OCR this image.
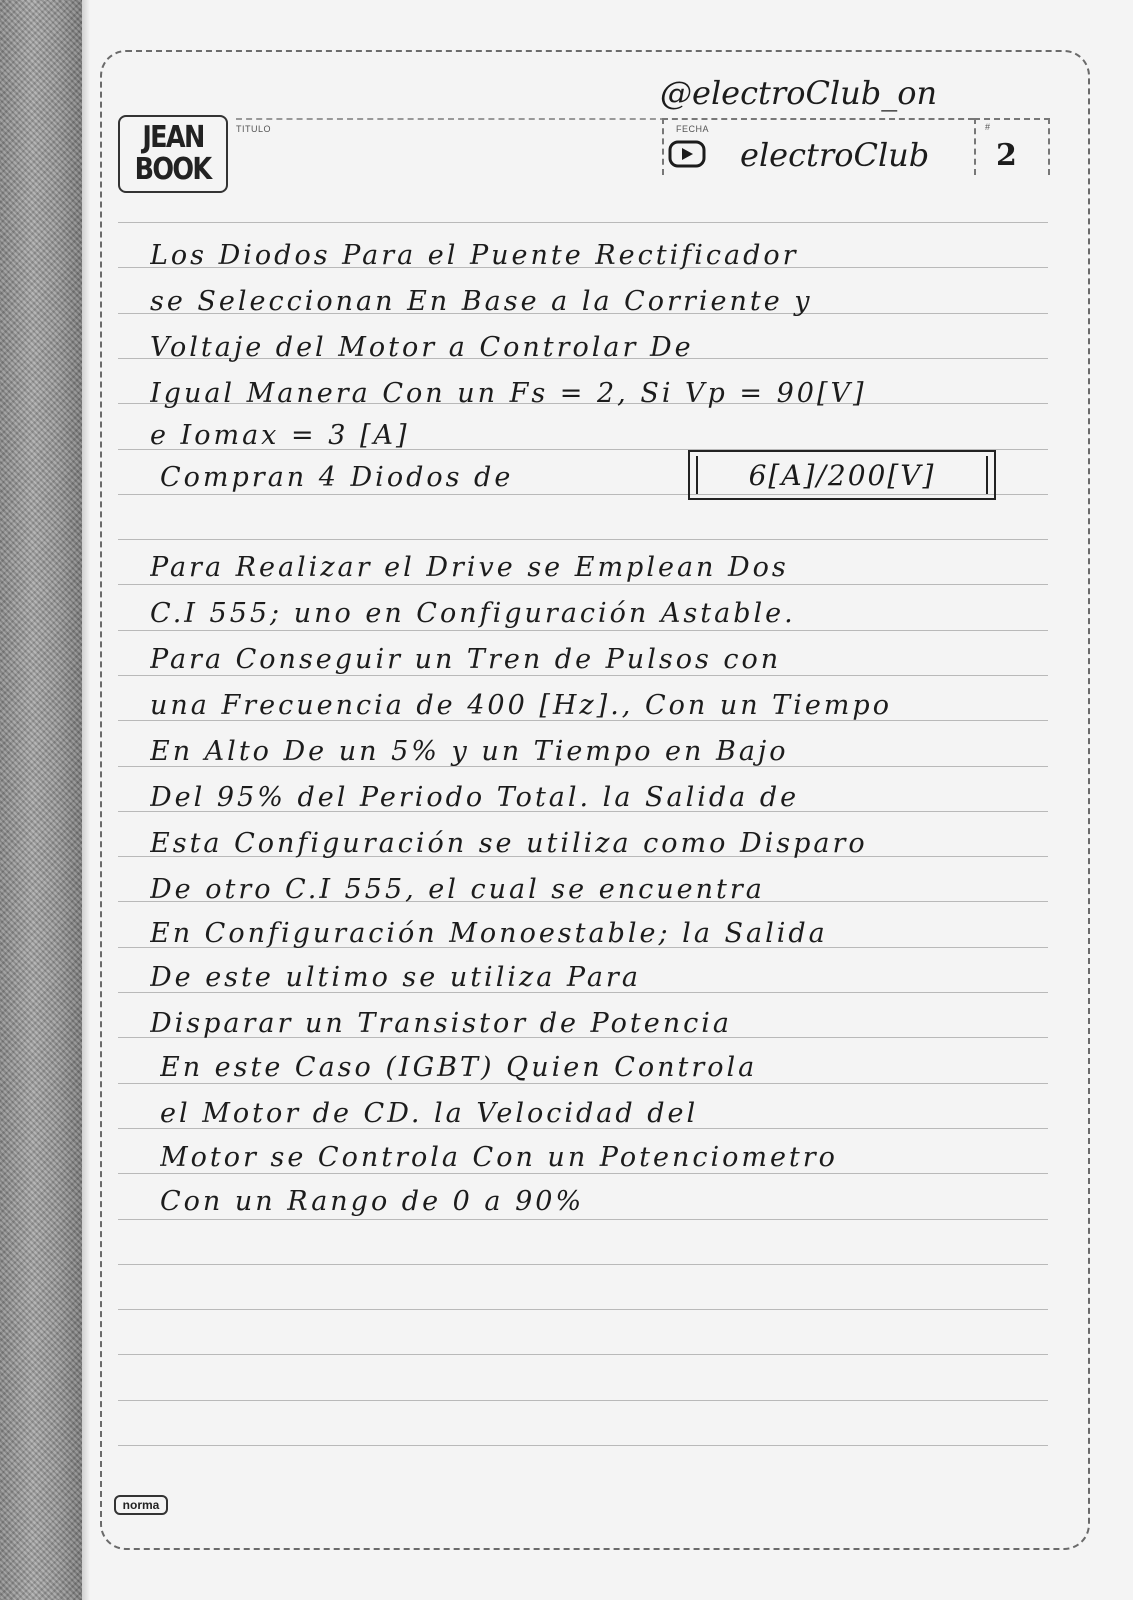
JEAN
BOOK
TITULO	FECHA	#
@electroClub_on
electroClub 2
Los Diodos Para el Puente Rectificador
se Seleccionan En Base a la Corriente y
Voltaje del Motor a Controlar De
Igual Manera Con un Fs = 2, Si Vp = 90[V]
e Iomax = 3 [A]
Compran 4 Diodos de	6[A]/200[V]
Para Realizar el Drive se Emplean Dos
C.I 555; uno en Configuración Astable.
Para Conseguir un Tren de Pulsos con
una Frecuencia de 400 [Hz]., Con un Tiempo
En Alto De un 5% y un Tiempo en Bajo
Del 95% del Periodo Total. la Salida de
Esta Configuración se utiliza como Disparo
De otro C.I 555, el cual se encuentra
En Configuración Monoestable; la Salida
De este ultimo se utiliza Para
Disparar un Transistor de Potencia
En este Caso (IGBT) Quien Controla
el Motor de CD. la Velocidad del
Motor se Controla Con un Potenciometro
Con un Rango de 0 a 90%
norma
